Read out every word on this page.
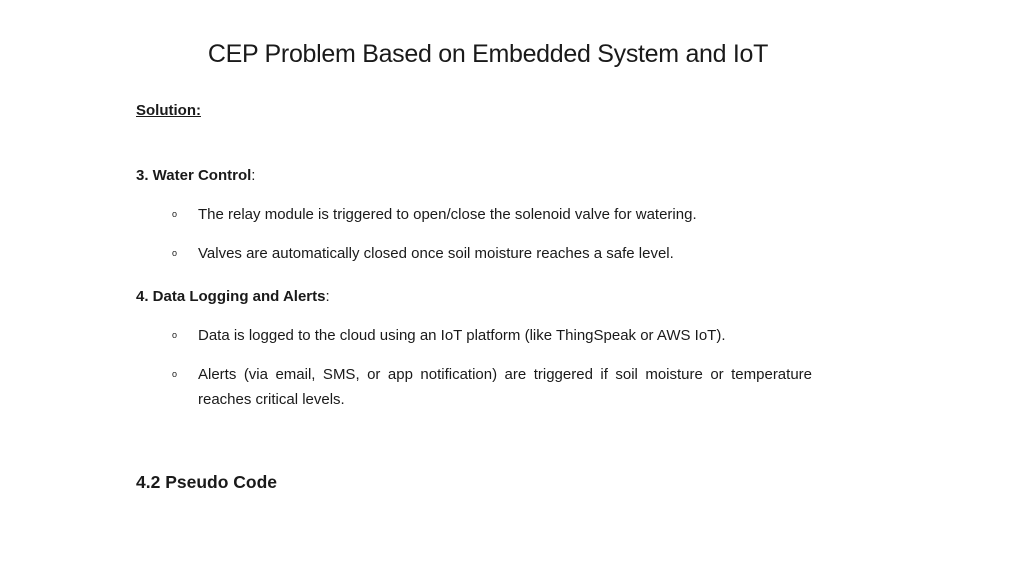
CEP Problem Based on Embedded System and IoT
Solution:
3. Water Control:
o The relay module is triggered to open/close the solenoid valve for watering.
o Valves are automatically closed once soil moisture reaches a safe level.
4. Data Logging and Alerts:
o Data is logged to the cloud using an IoT platform (like ThingSpeak or AWS IoT).
o Alerts (via email, SMS, or app notification) are triggered if soil moisture or temperature reaches critical levels.
4.2 Pseudo Code
